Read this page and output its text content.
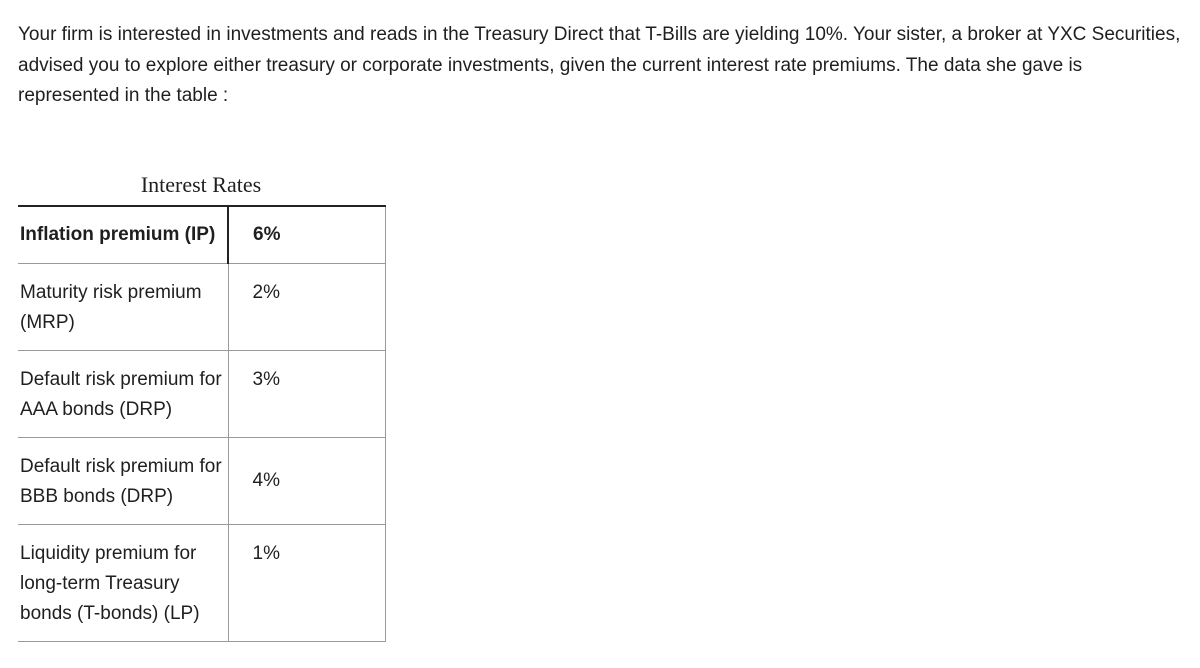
Your firm is interested in investments and reads in the Treasury Direct that T-Bills are yielding 10%. Your sister, a broker at YXC Securities, advised you to explore either treasury or corporate investments, given the current interest rate premiums. The data she gave is represented in the table :

Interest Rates
Inflation premium (IP)	6%
Maturity risk premium (MRP)	2%
Default risk premium for AAA bonds (DRP)	3%
Default risk premium for BBB bonds (DRP)	4%
Liquidity premium for long-term Treasury bonds (T-bonds) (LP)	1%
